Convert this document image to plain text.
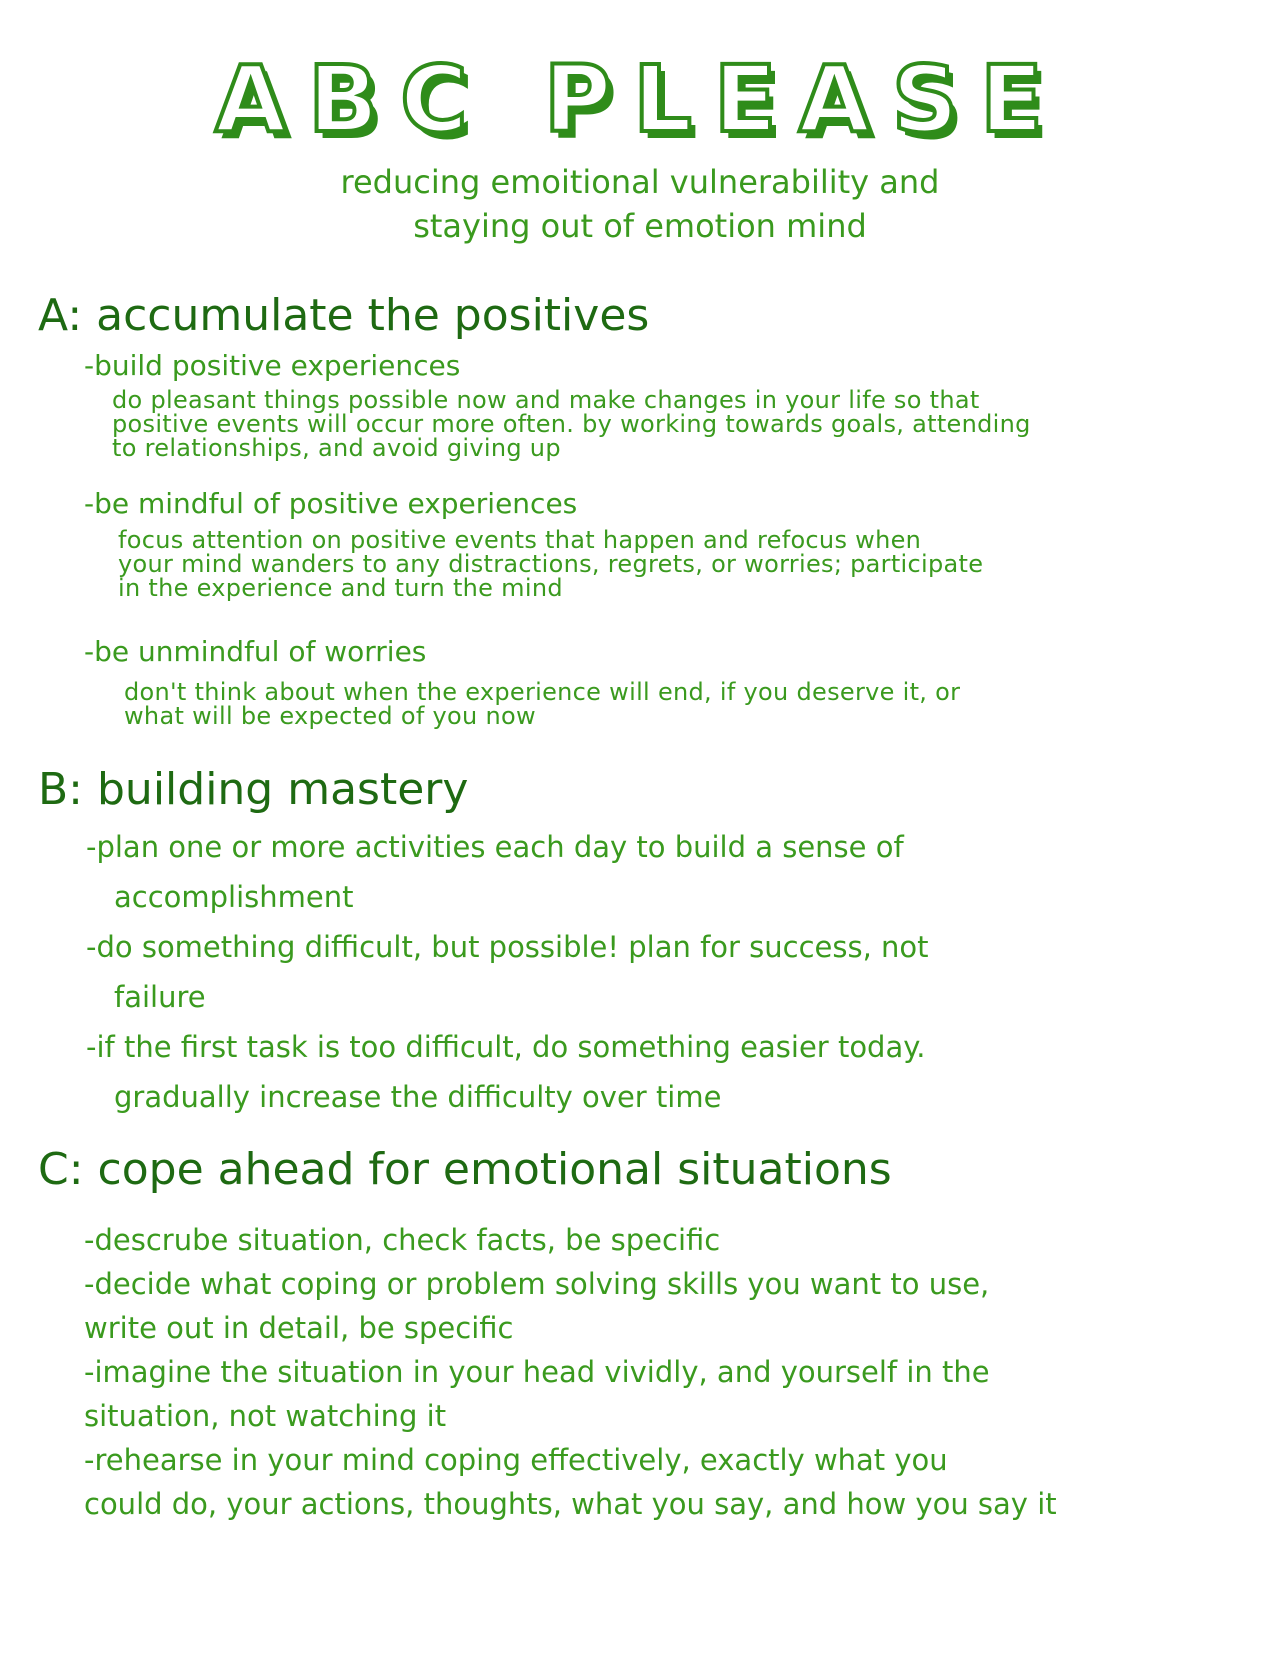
ABC PLEASE
reducing emoitional vulnerability and
staying out of emotion mind
A: accumulate the positives

-build positive experiences

do pleasant things possible now and make changes in your life so that

positive events will occur more often. by working towards goals, attending

to relationships, and avoid giving up

-be mindful of positive experiences

focus attention on positive events that happen and refocus when

your mind wanders to any distractions, regrets, or worries; participate

in the experience and turn the mind

-be unmindful of worries

don't think about when the experience will end, if you deserve it, or

what will be expected of you now

B: building mastery

-plan one or more activities each day to build a sense of
accomplishment

-do something difficult, but possible! plan for success, not
failure

-if the first task is too difficult, do something easier today.
gradually increase the difficulty over time

C: cope ahead for emotional situations

-descrube situation, check facts, be specific

-decide what coping or problem solving skills you want to use,

write out in detail, be specific

-imagine the situation in your head vividly, and yourself in the

situation, not watching it

-rehearse in your mind coping effectively, exactly what you

could do, your actions, thoughts, what you say, and how you say it
